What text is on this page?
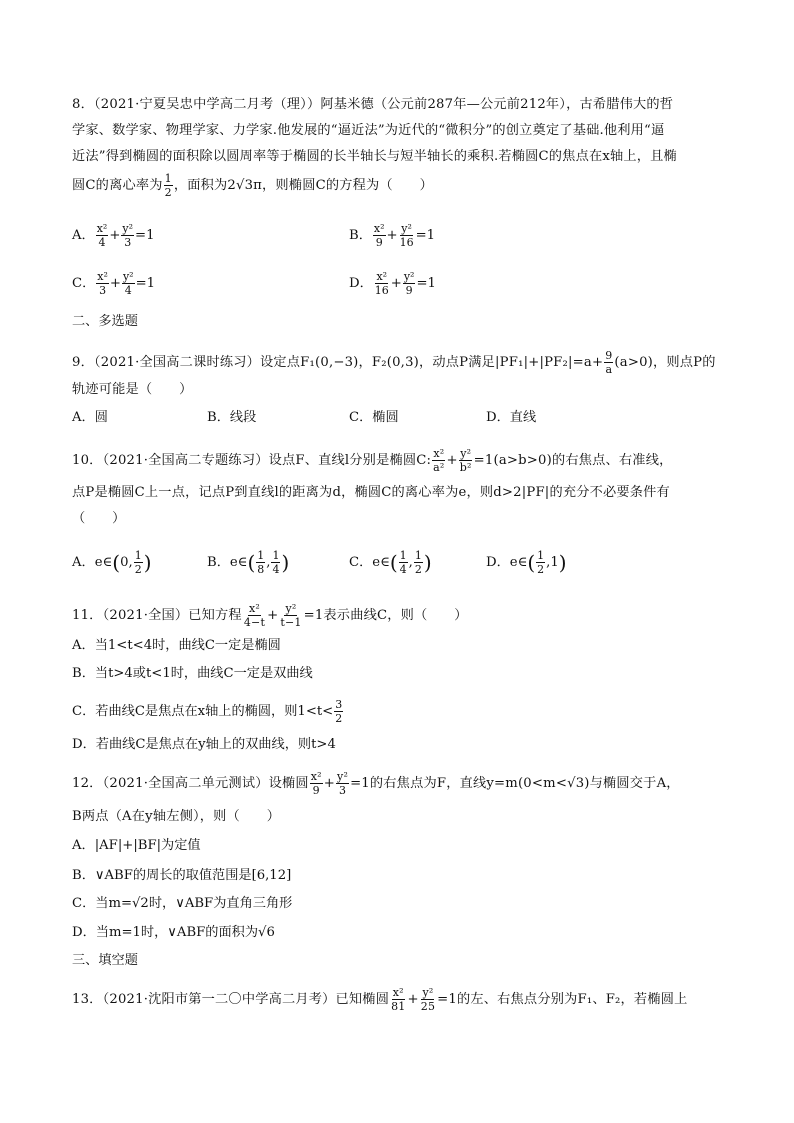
8．（2021·宁夏吴忠中学高二月考（理））阿基米德（公元前287年—公元前212年），古希腊伟大的哲
学家、数学家、物理学家、力学家.他发展的“逼近法”为近代的“微积分”的创立奠定了基础.他利用“逼
近法”得到椭圆的面积除以圆周率等于椭圆的长半轴长与短半轴长的乘积.若椭圆C的焦点在x轴上，且椭
圆C的离心率为 $\frac{1}{2}$ ，面积为2√3π，则椭圆C的方程为（　　）
A． $\frac{\text{x²}}{4} + \frac{\text{y²}}{3} =1$	B． $\frac{\text{x²}}{9} + \frac{\text{y²}}{16} =1$
C． $\frac{\text{x²}}{3} + \frac{\text{y²}}{4} =1$	D． $\frac{\text{x²}}{16} + \frac{\text{y²}}{9} =1$
二、多选题
9．（2021·全国高二课时练习）设定点F₁(0,−3)，F₂(0,3)，动点P满足$|PF_1|+|PF_2|=a+ \frac{9}{a} (a>0)$，则点P的
轨迹可能是（　　）
A．圆	B．线段	C．椭圆	D．直线
10．（2021·全国高二专题练习）设点F、直线l分别是椭圆C: $\frac{\text{x²}}{\text{a²}} + \frac{\text{y²}}{\text{b²}} =1(a>b>0)$的右焦点、右准线，
点P是椭圆C上一点，记点P到直线l的距离为d，椭圆C的离心率为e，则d>2|PF|的充分不必要条件有
（　　）
A．e∈(0, $\frac{1}{2}$ )	B．e∈( $\frac{1}{8}$ , $\frac{1}{4}$ )	C．e∈( $\frac{1}{4}$ , $\frac{1}{2}$ )	D．e∈( $\frac{1}{2} ,1$)
11．（2021·全国）已知方程 $\frac{\text{x²}}{4-t} + \frac{\text{y²}}{t-1} =1$表示曲线C，则（　　）
A．当1<t<4时，曲线C一定是椭圆
B．当t>4或t<1时，曲线C一定是双曲线
C．若曲线C是焦点在x轴上的椭圆，则$1<t< \frac{3}{2}$
D．若曲线C是焦点在y轴上的双曲线，则t>4
12．（2021·全国高二单元测试）设椭圆 $\frac{\text{x²}}{9} + \frac{\text{y²}}{3} =1$的右焦点为F，直线y=m(0<m<√3)与椭圆交于A，
B两点（A在y轴左侧），则（　　）
A．|AF|+|BF|为定值
B．∨ABF的周长的取值范围是[6,12]
C．当m=√2时，∨ABF为直角三角形
D．当m=1时，∨ABF的面积为√6
三、填空题
13．（2021·沈阳市第一二〇中学高二月考）已知椭圆 $\frac{\text{x²}}{81} + \frac{\text{y²}}{25} =1$的左、右焦点分别为F₁、F₂，若椭圆上
